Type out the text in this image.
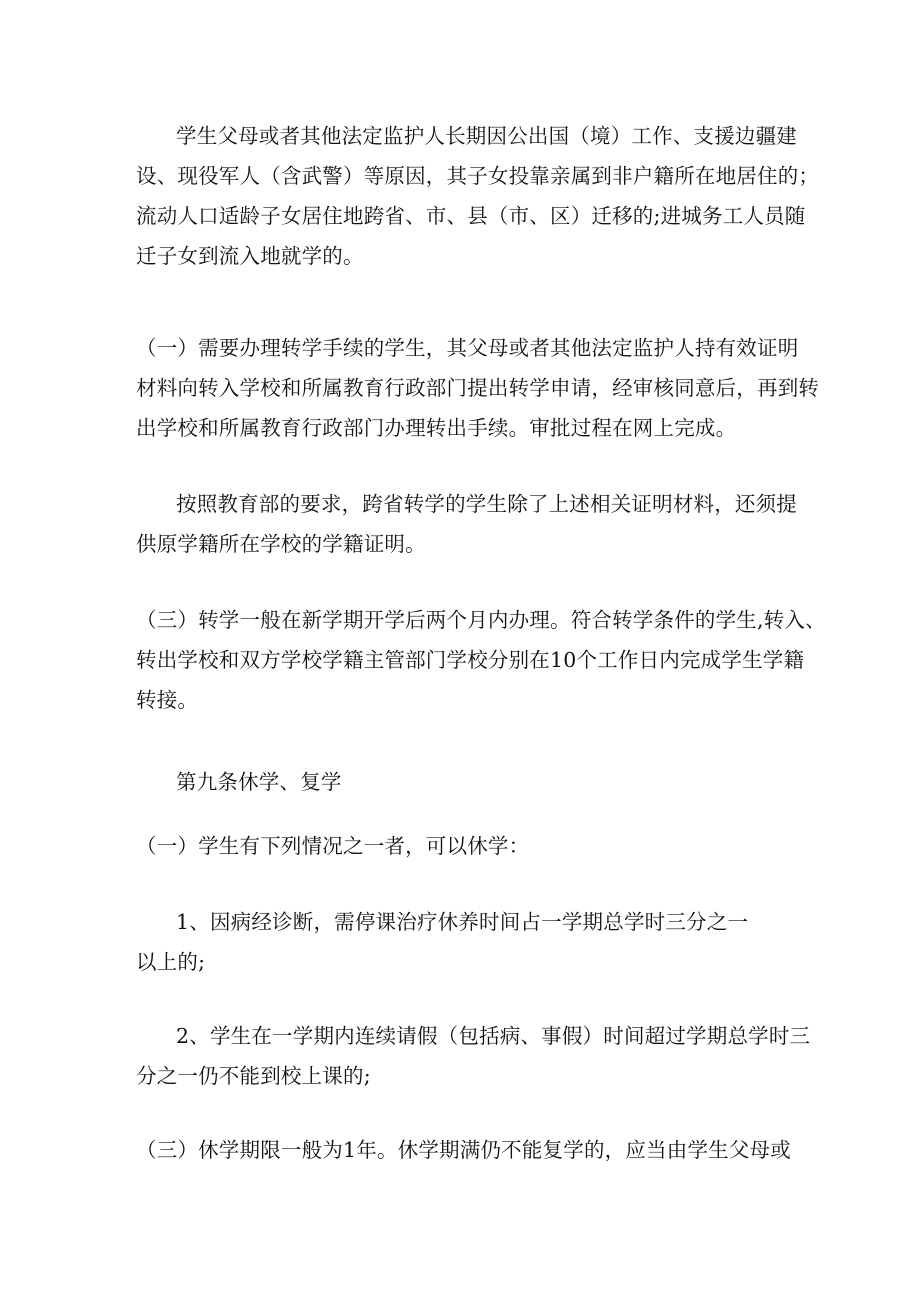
学生父母或者其他法定监护人长期因公出国（境）工作、支援边疆建
设、现役军人（含武警）等原因，其子女投靠亲属到非户籍所在地居住的；
流动人口适龄子女居住地跨省、市、县（市、区）迁移的;进城务工人员随
迁子女到流入地就学的。
（一）需要办理转学手续的学生，其父母或者其他法定监护人持有效证明
材料向转入学校和所属教育行政部门提出转学申请，经审核同意后，再到转
出学校和所属教育行政部门办理转出手续。审批过程在网上完成。
按照教育部的要求，跨省转学的学生除了上述相关证明材料，还须提
供原学籍所在学校的学籍证明。
（三）转学一般在新学期开学后两个月内办理。符合转学条件的学生,转入、
转出学校和双方学校学籍主管部门学校分别在10个工作日内完成学生学籍
转接。
第九条休学、复学
（一）学生有下列情况之一者，可以休学：
1、因病经诊断，需停课治疗休养时间占一学期总学时三分之一
以上的;
2、学生在一学期内连续请假（包括病、事假）时间超过学期总学时三
分之一仍不能到校上课的;
（三）休学期限一般为1年。休学期满仍不能复学的，应当由学生父母或
